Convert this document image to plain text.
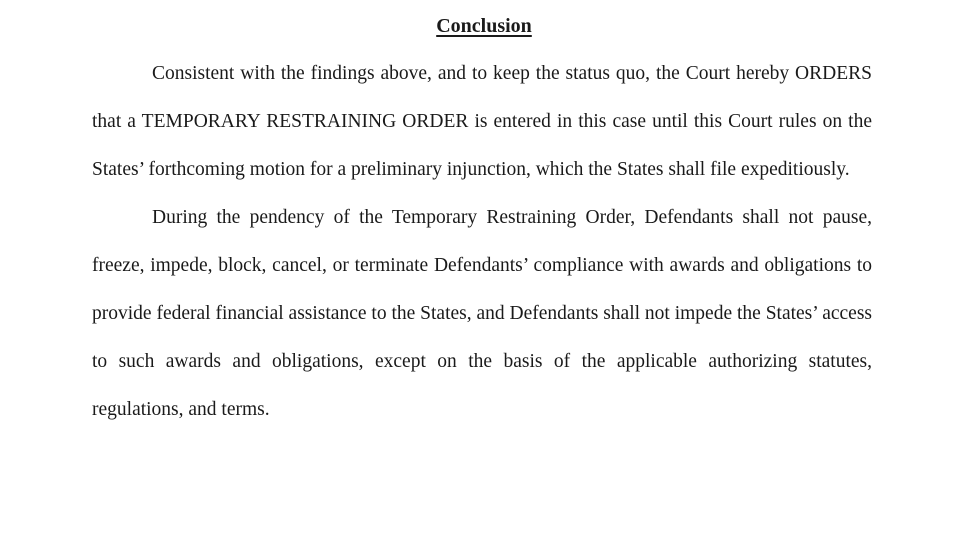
Conclusion

Consistent with the findings above, and to keep the status quo, the Court hereby ORDERS that a TEMPORARY RESTRAINING ORDER is entered in this case until this Court rules on the States’ forthcoming motion for a preliminary injunction, which the States shall file expeditiously.

During the pendency of the Temporary Restraining Order, Defendants shall not pause, freeze, impede, block, cancel, or terminate Defendants’ compliance with awards and obligations to provide federal financial assistance to the States, and Defendants shall not impede the States’ access to such awards and obligations, except on the basis of the applicable authorizing statutes, regulations, and terms.
